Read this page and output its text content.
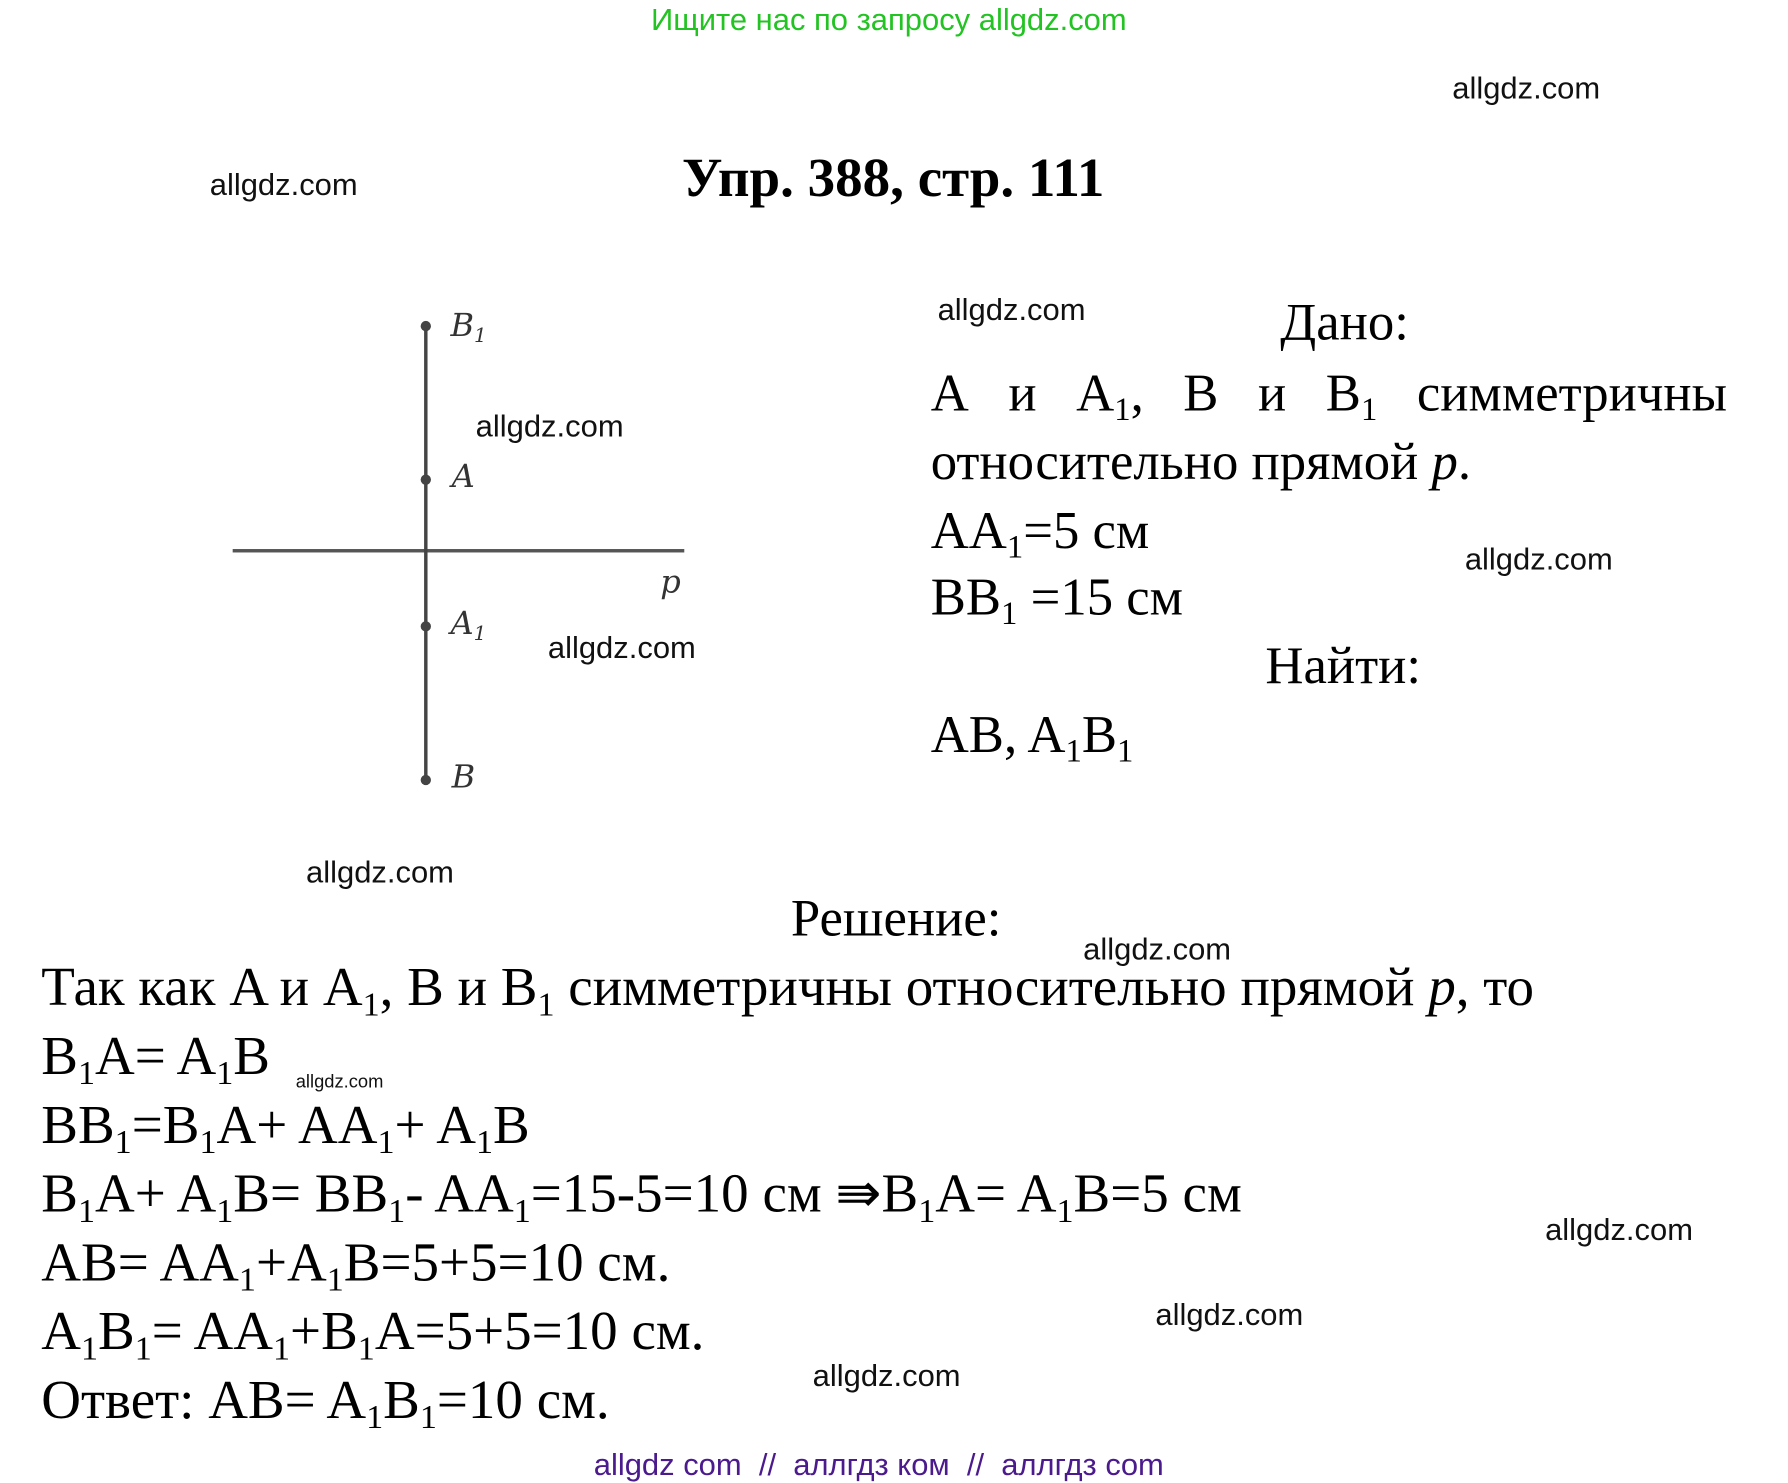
Ищите нас по запросу allgdz.com
allgdz.com
allgdz.com
allgdz.com
allgdz.com
allgdz.com
allgdz.com
allgdz.com
allgdz.com
allgdz.com
allgdz.com
allgdz.com
allgdz.com
Упр. 388, стр. 111
$B_1$
A
p
$A_1$
B
Дано:
A и $A_1$,   B и $B_1$ симметричны
относительно прямой p.
$AA_1=5$ см
$BB_1 =15$ см
Найти:
AB, $A_1B_1$
Решение:
Так как A и $A_1$, B и $B_1$ симметричны относительно прямой p, то
$B_1A= A_1B$
$BB_1=B_1A+ AA_1+ A_1B$
$B_1A+ A_1B= BB_1-$ $AA_1=15-5=10$ см $⇛B_1A= A_1B=5$ см
$AB= AA_1+A_1B=5+5=10$ см.
$A_1B_1= AA_1+B_1A=5+5=10$ см.
Ответ: $AB= A_1B_1=10$ см.
allgdz com  //  аллгдз ком  //  аллгдз com
